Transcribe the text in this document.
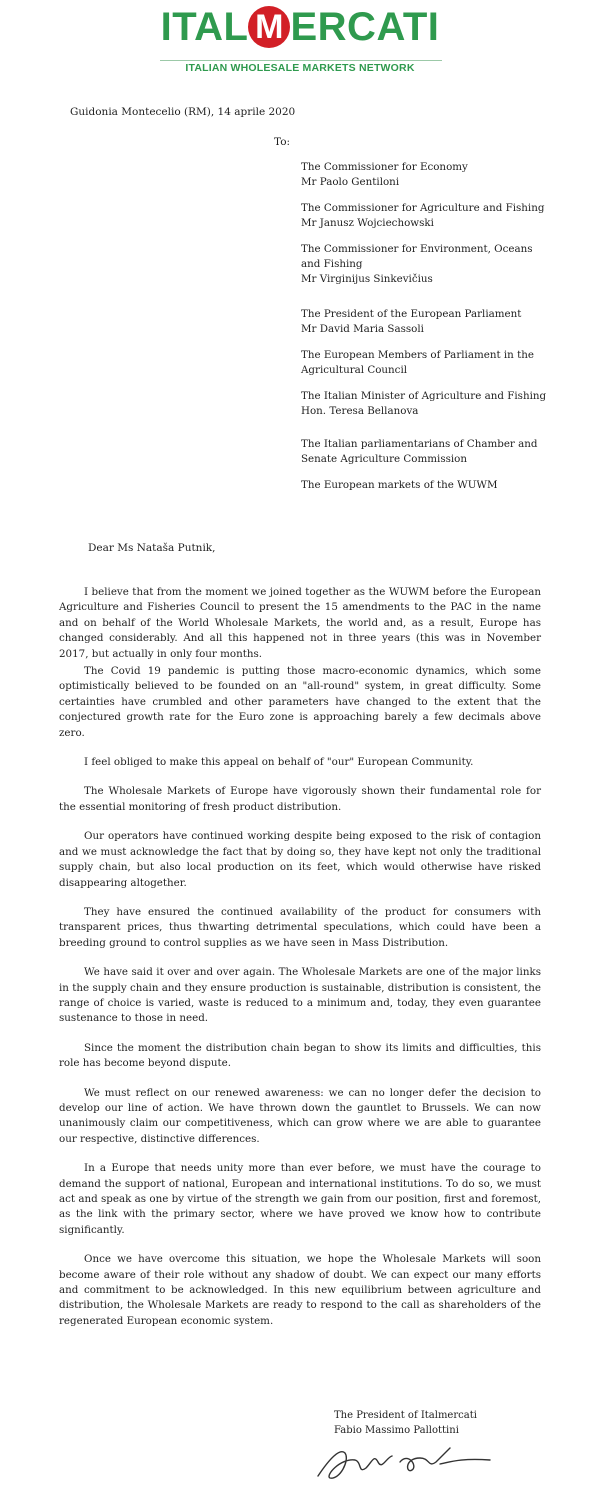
ITAL M ERCATI
ITALIAN WHOLESALE MARKETS NETWORK
Guidonia Montecelio (RM), 14 aprile 2020
To:
The Commissioner for Economy
Mr Paolo Gentiloni
The Commissioner for Agriculture and Fishing
Mr Janusz Wojciechowski
The Commissioner for Environment, Oceans and Fishing
Mr Virginijus Sinkevičius
The President of the European Parliament
Mr David Maria Sassoli
The European Members of Parliament in the Agricultural Council
The Italian Minister of Agriculture and Fishing
Hon. Teresa Bellanova
The Italian parliamentarians of Chamber and Senate Agriculture Commission
The European markets of the WUWM
Dear Ms Nataša Putnik,

I believe that from the moment we joined together as the WUWM before the European Agriculture and Fisheries Council to present the 15 amendments to the PAC in the name and on behalf of the World Wholesale Markets, the world and, as a result, Europe has changed considerably. And all this happened not in three years (this was in November 2017, but actually in only four months.

The Covid 19 pandemic is putting those macro-economic dynamics, which some optimistically believed to be founded on an "all-round" system, in great difficulty. Some certainties have crumbled and other parameters have changed to the extent that the conjectured growth rate for the Euro zone is approaching barely a few decimals above zero.

I feel obliged to make this appeal on behalf of "our" European Community.

The Wholesale Markets of Europe have vigorously shown their fundamental role for the essential monitoring of fresh product distribution.

Our operators have continued working despite being exposed to the risk of contagion and we must acknowledge the fact that by doing so, they have kept not only the traditional supply chain, but also local production on its feet, which would otherwise have risked disappearing altogether.

They have ensured the continued availability of the product for consumers with transparent prices, thus thwarting detrimental speculations, which could have been a breeding ground to control supplies as we have seen in Mass Distribution.

We have said it over and over again. The Wholesale Markets are one of the major links in the supply chain and they ensure production is sustainable, distribution is consistent, the range of choice is varied, waste is reduced to a minimum and, today, they even guarantee sustenance to those in need.

Since the moment the distribution chain began to show its limits and difficulties, this role has become beyond dispute.

We must reflect on our renewed awareness: we can no longer defer the decision to develop our line of action. We have thrown down the gauntlet to Brussels. We can now unanimously claim our competitiveness, which can grow where we are able to guarantee our respective, distinctive differences.

In a Europe that needs unity more than ever before, we must have the courage to demand the support of national, European and international institutions. To do so, we must act and speak as one by virtue of the strength we gain from our position, first and foremost, as the link with the primary sector, where we have proved we know how to contribute significantly.

Once we have overcome this situation, we hope the Wholesale Markets will soon become aware of their role without any shadow of doubt. We can expect our many efforts and commitment to be acknowledged. In this new equilibrium between agriculture and distribution, the Wholesale Markets are ready to respond to the call as shareholders of the regenerated European economic system.

The President of Italmercati
Fabio Massimo Pallottini
